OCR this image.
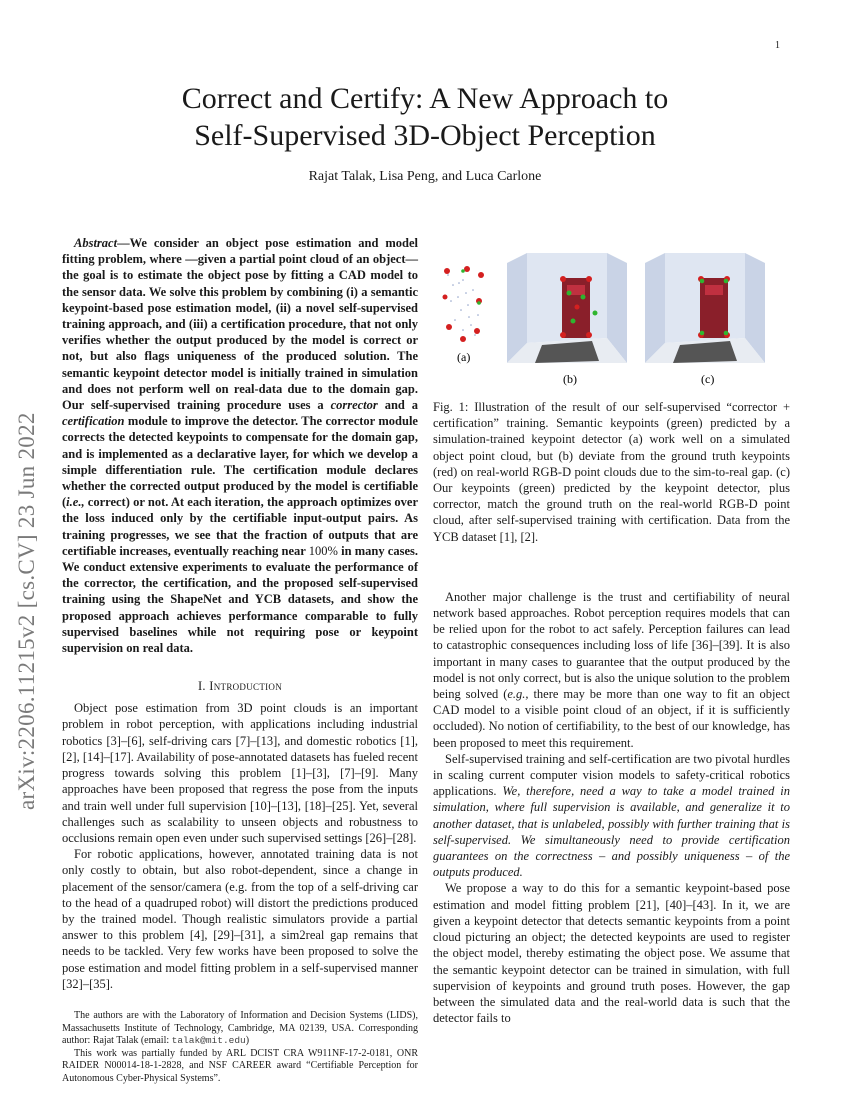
1
arXiv:2206.11215v2 [cs.CV] 23 Jun 2022
Correct and Certify: A New Approach to
Self-Supervised 3D-Object Perception
Rajat Talak, Lisa Peng, and Luca Carlone

Abstract—We consider an object pose estimation and model fitting problem, where —given a partial point cloud of an object— the goal is to estimate the object pose by fitting a CAD model to the sensor data. We solve this problem by combining (i) a semantic keypoint-based pose estimation model, (ii) a novel self-supervised training approach, and (iii) a certification procedure, that not only verifies whether the output produced by the model is correct or not, but also flags uniqueness of the produced solution. The semantic keypoint detector model is initially trained in simulation and does not perform well on real-data due to the domain gap. Our self-supervised training procedure uses a corrector and a certification module to improve the detector. The corrector module corrects the detected keypoints to compensate for the domain gap, and is implemented as a declarative layer, for which we develop a simple differentiation rule. The certification module declares whether the corrected output produced by the model is certifiable (i.e., correct) or not. At each iteration, the approach optimizes over the loss induced only by the certifiable input-output pairs. As training progresses, we see that the fraction of outputs that are certifiable increases, eventually reaching near 100% in many cases. We conduct extensive experiments to evaluate the performance of the corrector, the certification, and the proposed self-supervised training using the ShapeNet and YCB datasets, and show the proposed approach achieves performance comparable to fully supervised baselines while not requiring pose or keypoint supervision on real data.

I. Introduction

Object pose estimation from 3D point clouds is an important problem in robot perception, with applications including industrial robotics [3]–[6], self-driving cars [7]–[13], and domestic robotics [1], [2], [14]–[17]. Availability of pose-annotated datasets has fueled recent progress towards solving this problem [1]–[3], [7]–[9]. Many approaches have been proposed that regress the pose from the inputs and train well under full supervision [10]–[13], [18]–[25]. Yet, several challenges such as scalability to unseen objects and robustness to occlusions remain open even under such supervised settings [26]–[28].

For robotic applications, however, annotated training data is not only costly to obtain, but also robot-dependent, since a change in placement of the sensor/camera (e.g. from the top of a self-driving car to the head of a quadruped robot) will distort the predictions produced by the trained model. Though realistic simulators provide a partial answer to this problem [4], [29]–[31], a sim2real gap remains that needs to be tackled. Very few works have been proposed to solve the pose estimation and model fitting problem in a self-supervised manner [32]–[35].

The authors are with the Laboratory of Information and Decision Systems (LIDS), Massachusetts Institute of Technology, Cambridge, MA 02139, USA. Corresponding author: Rajat Talak (email: talak@mit.edu)

This work was partially funded by ARL DCIST CRA W911NF-17-2-0181, ONR RAIDER N00014-18-1-2828, and NSF CAREER award “Certifiable Perception for Autonomous Cyber-Physical Systems”.

(a)
(b)	(c)

Fig. 1: Illustration of the result of our self-supervised “corrector + certification” training. Semantic keypoints (green) predicted by a simulation-trained keypoint detector (a) work well on a simulated object point cloud, but (b) deviate from the ground truth keypoints (red) on real-world RGB-D point clouds due to the sim-to-real gap. (c) Our keypoints (green) predicted by the keypoint detector, plus corrector, match the ground truth on the real-world RGB-D point cloud, after self-supervised training with certification. Data from the YCB dataset [1], [2].

Another major challenge is the trust and certifiability of neural network based approaches. Robot perception requires models that can be relied upon for the robot to act safely. Perception failures can lead to catastrophic consequences including loss of life [36]–[39]. It is also important in many cases to guarantee that the output produced by the model is not only correct, but is also the unique solution to the problem being solved (e.g., there may be more than one way to fit an object CAD model to a visible point cloud of an object, if it is sufficiently occluded). No notion of certifiability, to the best of our knowledge, has been proposed to meet this requirement.

Self-supervised training and self-certification are two pivotal hurdles in scaling current computer vision models to safety-critical robotics applications. We, therefore, need a way to take a model trained in simulation, where full supervision is available, and generalize it to another dataset, that is unlabeled, possibly with further training that is self-supervised. We simultaneously need to provide certification guarantees on the correctness – and possibly uniqueness – of the outputs produced.

We propose a way to do this for a semantic keypoint-based pose estimation and model fitting problem [21], [40]–[43]. In it, we are given a keypoint detector that detects semantic keypoints from a point cloud picturing an object; the detected keypoints are used to register the object model, thereby estimating the object pose. We assume that the semantic keypoint detector can be trained in simulation, with full supervision of keypoints and ground truth poses. However, the gap between the simulated data and the real-world data is such that the detector fails to
